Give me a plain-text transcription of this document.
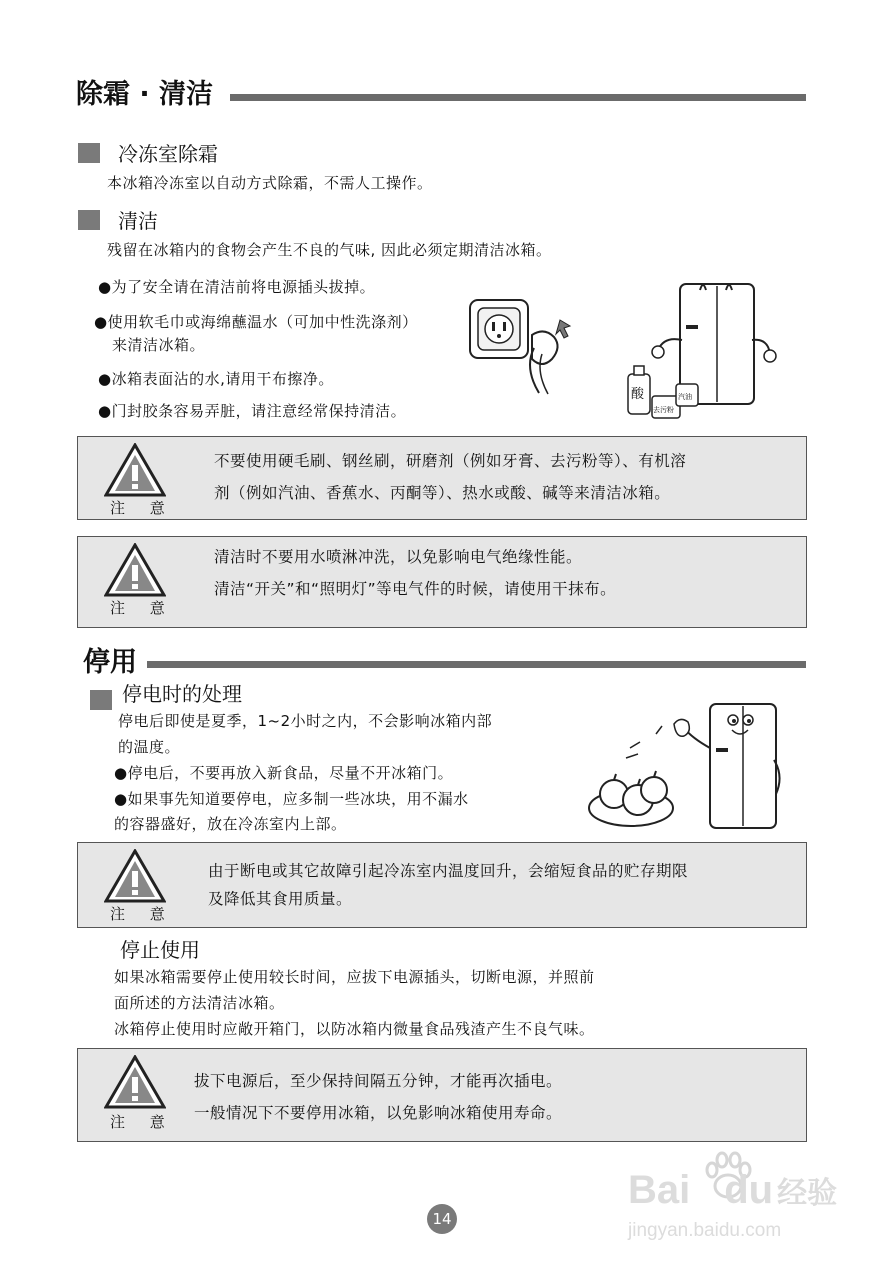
除霜 · 清洁
冷冻室除霜
本冰箱冷冻室以自动方式除霜，不需人工操作。
清洁
残留在冰箱内的食物会产生不良的气味, 因此必须定期清洁冰箱。
●为了安全请在清洁前将电源插头拔掉。
●使用软毛巾或海绵蘸温水（可加中性洗涤剂）
来清洁冰箱。
●冰箱表面沾的水,请用干布擦净。
●门封胶条容易弄脏，请注意经常保持清洁。
酸
去污粉
汽油
注 意
不要使用硬毛刷、钢丝刷，研磨剂（例如牙膏、去污粉等）、有机溶
剂（例如汽油、香蕉水、丙酮等）、热水或酸、碱等来清洁冰箱。
注 意
清洁时不要用水喷淋冲洗，以免影响电气绝缘性能。
清洁“开关”和“照明灯”等电气件的时候，请使用干抹布。
停用
停电时的处理
停电后即使是夏季，1~2小时之内，不会影响冰箱内部
的温度。
●停电后，不要再放入新食品，尽量不开冰箱门。
●如果事先知道要停电，应多制一些冰块，用不漏水
的容器盛好，放在冷冻室内上部。
注 意
由于断电或其它故障引起冷冻室内温度回升，会缩短食品的贮存期限
及降低其食用质量。
停止使用
如果冰箱需要停止使用较长时间，应拔下电源插头，切断电源，并照前
面所述的方法清洁冰箱。
冰箱停止使用时应敞开箱门，以防冰箱内微量食品残渣产生不良气味。
注 意
拔下电源后，至少保持间隔五分钟，才能再次插电。
一般情况下不要停用冰箱，以免影响冰箱使用寿命。
14
Bai du 经验
jingyan.baidu.com
